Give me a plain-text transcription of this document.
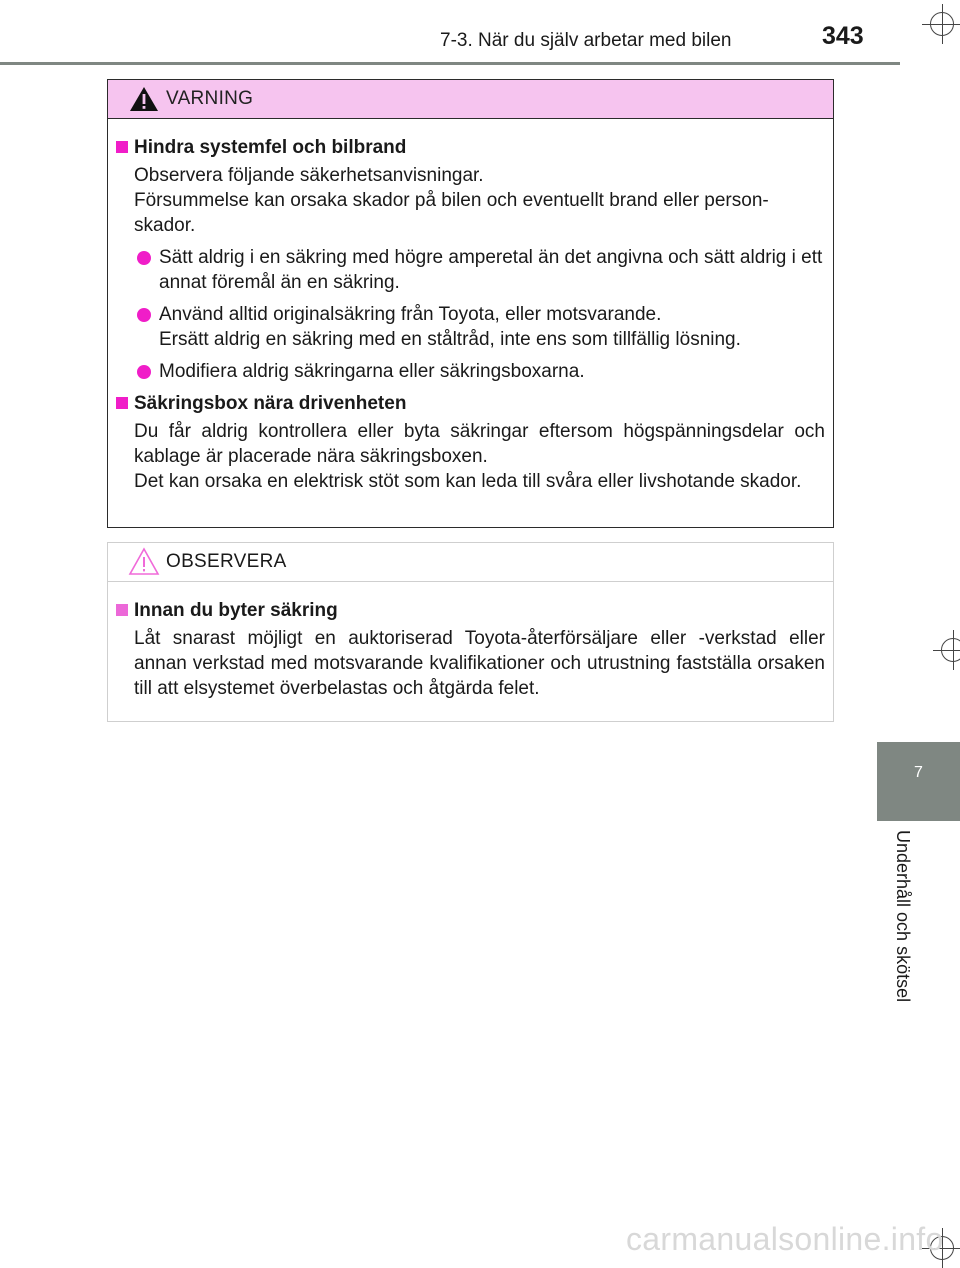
7-3. När du själv arbetar med bilen	343
VARNING
Hindra systemfel och bilbrand
Observera följande säkerhetsanvisningar.
Försummelse kan orsaka skador på bilen och eventuellt brand eller person-skador.
Sätt aldrig i en säkring med högre amperetal än det angivna och sätt aldrig i ett annat föremål än en säkring.
Använd alltid originalsäkring från Toyota, eller motsvarande.
Ersätt aldrig en säkring med en ståltråd, inte ens som tillfällig lösning.
Modifiera aldrig säkringarna eller säkringsboxarna.
Säkringsbox nära drivenheten
Du får aldrig kontrollera eller byta säkringar eftersom högspänningsdelar och kablage är placerade nära säkringsboxen.
Det kan orsaka en elektrisk stöt som kan leda till svåra eller livshotande skador.
OBSERVERA
Innan du byter säkring
Låt snarast möjligt en auktoriserad Toyota-återförsäljare eller -verkstad eller annan verkstad med motsvarande kvalifikationer och utrustning fastställa orsaken till att elsystemet överbelastas och åtgärda felet.
7
Underhåll och skötsel
carmanualsonline.info
